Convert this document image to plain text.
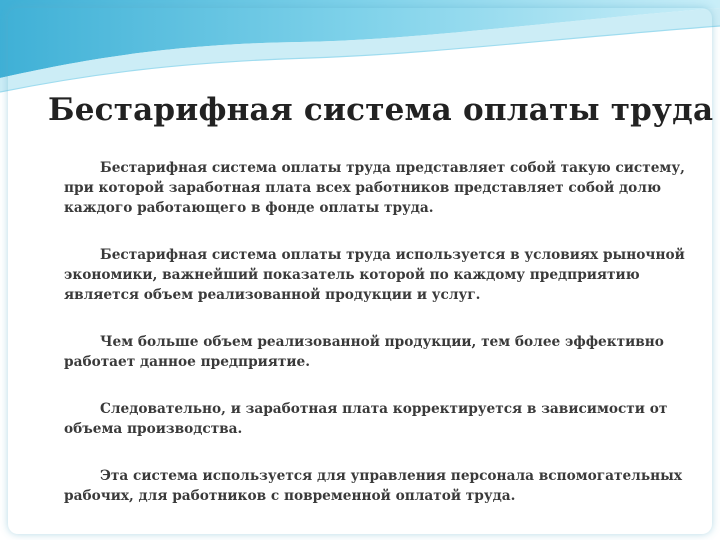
Бестарифная система оплаты труда

Бестарифная система оплаты труда представляет собой такую систему, при которой заработная плата всех работников представляет собой долю каждого работающего в фонде оплаты труда.

Бестарифная система оплаты труда используется в условиях рыночной экономики, важнейший показатель которой по каждому предприятию является объем реализованной продукции и услуг.

Чем больше объем реализованной продукции, тем более эффективно работает данное предприятие.

Следовательно, и заработная плата корректируется в зависимости от объема производства.

Эта система используется для управления персонала вспомогательных рабочих, для работников с повременной оплатой труда.
